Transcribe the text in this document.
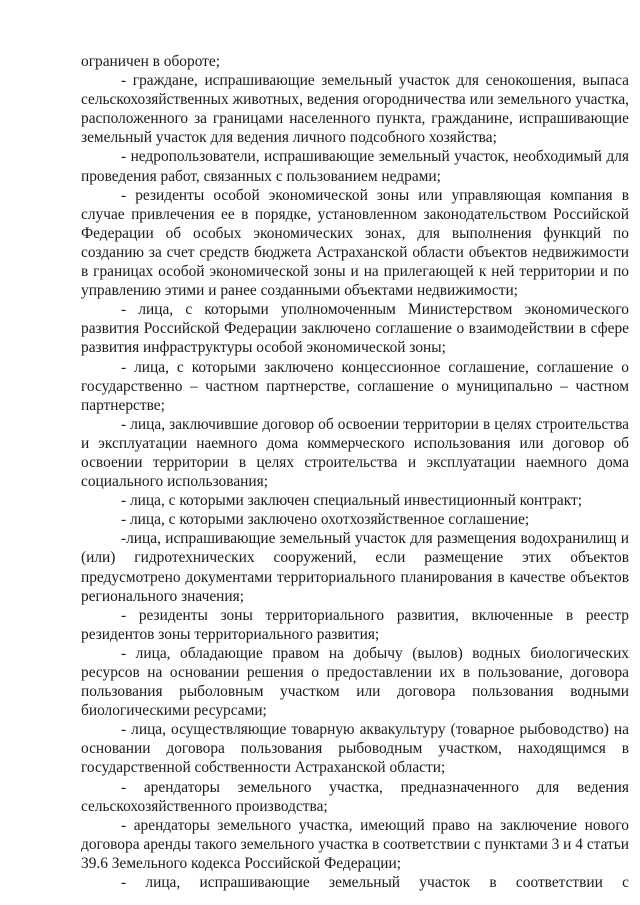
ограничен в обороте;

- граждане, испрашивающие земельный участок для сенокошения, выпаса сельскохозяйственных животных, ведения огородничества или земельного участка, расположенного за границами населенного пункта, гражданине, испрашивающие земельный участок для ведения личного подсобного хозяйства;

- недропользователи, испрашивающие земельный участок, необходимый для проведения работ, связанных с пользованием недрами;

- резиденты особой экономической зоны или управляющая компания в случае привлечения ее в порядке, установленном законодательством Российской Федерации об особых экономических зонах, для выполнения функций по созданию за счет средств бюджета Астраханской области объектов недвижимости в границах особой экономической зоны и на прилегающей к ней территории и по управлению этими и ранее созданными объектами недвижимости;

- лица, с которыми уполномоченным Министерством экономического развития Российской Федерации заключено соглашение о взаимодействии в сфере развития инфраструктуры особой экономической зоны;

- лица, с которыми заключено концессионное соглашение, соглашение о государственно – частном партнерстве, соглашение о муниципально – частном партнерстве;

- лица, заключившие договор об освоении территории в целях строительства и эксплуатации наемного дома коммерческого использования или договор об освоении территории в целях строительства и эксплуатации наемного дома социального использования;

- лица, с которыми заключен специальный инвестиционный контракт;

- лица, с которыми заключено охотхозяйственное соглашение;

-лица, испрашивающие земельный участок для размещения водохранилищ и (или) гидротехнических сооружений, если размещение этих объектов предусмотрено документами территориального планирования в качестве объектов регионального значения;

- резиденты зоны территориального развития, включенные в реестр резидентов зоны территориального развития;

- лица, обладающие правом на добычу (вылов) водных биологических ресурсов на основании решения о предоставлении их в пользование, договора пользования рыболовным участком или договора пользования водными биологическими ресурсами;

- лица, осуществляющие товарную аквакультуру (товарное рыбоводство) на основании договора пользования рыбоводным участком, находящимся в государственной собственности Астраханской области;

- арендаторы земельного участка, предназначенного для ведения сельскохозяйственного производства;

- арендаторы земельного участка, имеющий право на заключение нового договора аренды такого земельного участка в соответствии с пунктами 3 и 4 статьи 39.6 Земельного кодекса Российской Федерации;

- лица, испрашивающие земельный участок в соответствии с
